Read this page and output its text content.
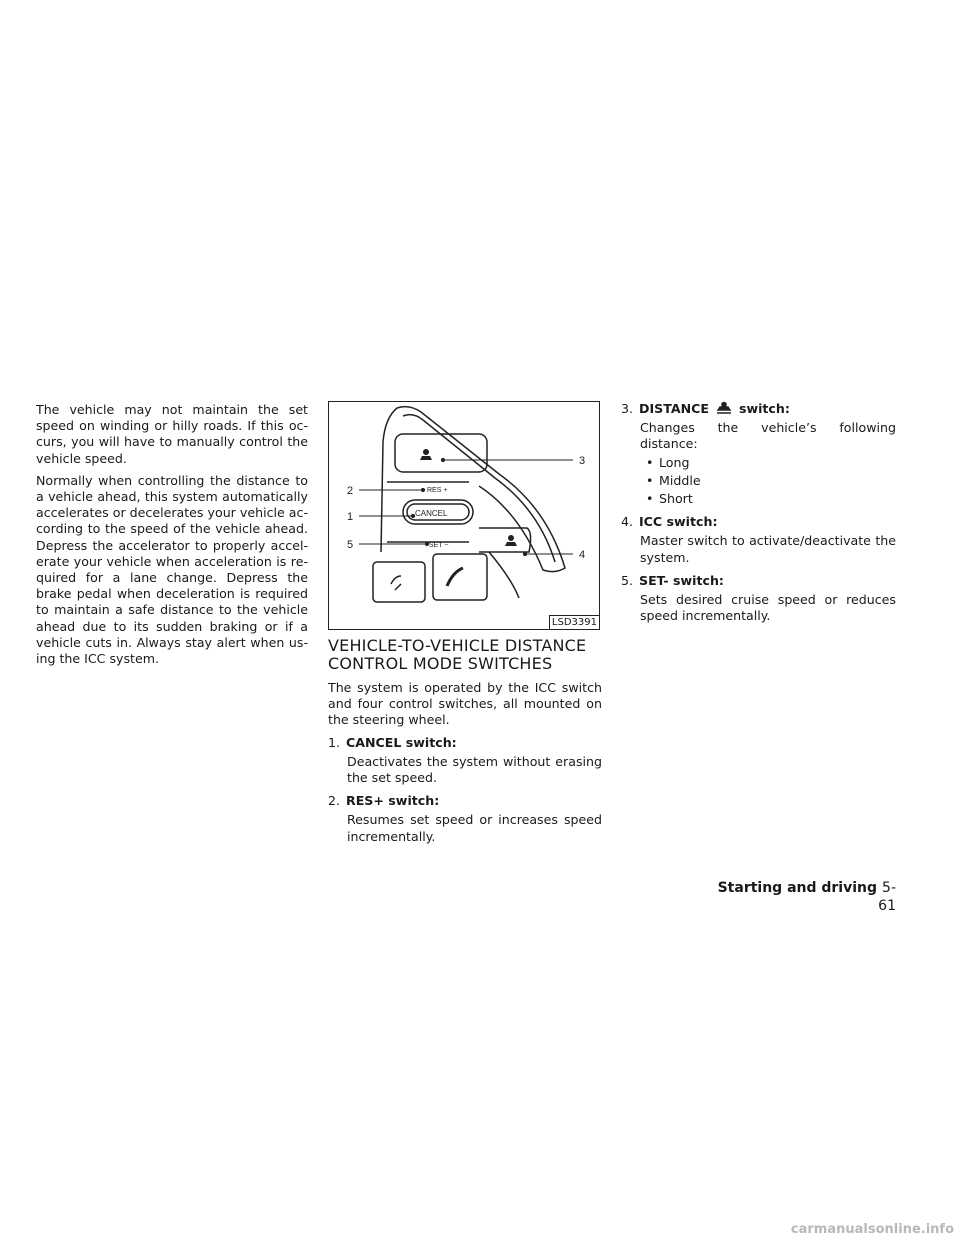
The vehicle may not maintain the set speed on winding or hilly roads. If this oc-curs, you will have to manually control the vehicle speed.

Normally when controlling the distance to a vehicle ahead, this system automatically accelerates or decelerates your vehicle ac-cording to the speed of the vehicle ahead. Depress the accelerator to properly accel-erate your vehicle when acceleration is re-quired for a lane change. Depress the brake pedal when deceleration is required to maintain a safe distance to the vehicle ahead due to its sudden braking or if a vehicle cuts in. Always stay alert when us-ing the ICC system.

RES +
CANCEL
SET −
1
2
3
4
5
LSD3391
VEHICLE-TO-VEHICLE DISTANCE
CONTROL MODE SWITCHES

The system is operated by the ICC switch and four control switches, all mounted on the steering wheel.

1. CANCEL switch:
Deactivates the system without erasing the set speed.
2. RES+ switch:
Resumes set speed or increases speed incrementally.
3. DISTANCE switch:
Changes the vehicle’s following distance:
• Long
• Middle
• Short
4. ICC switch:
Master switch to activate/deactivate the system.
5. SET- switch:
Sets desired cruise speed or reduces speed incrementally.
Starting and driving 5-61
carmanualsonline.info
